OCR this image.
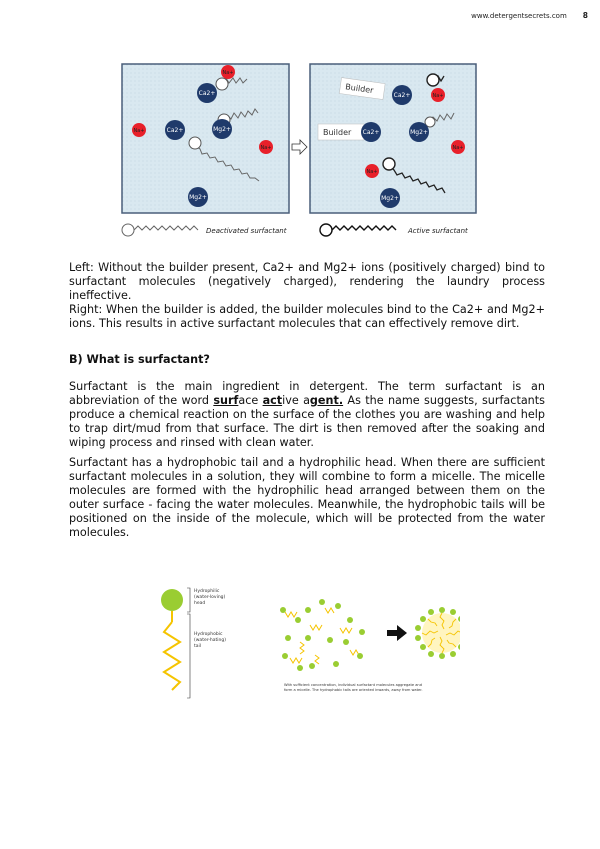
www.detergentsecrets.com 8
Ca2+
Mg2+
Ca2+
Mg2+
Na+
Na+
Na+
Builder
Builder
Ca2+
Ca2+	Mg2+
Mg2+
Na+
Na+
Na+
Deactivated surfactant	Active surfactant
Left: Without the builder present, Ca2+ and Mg2+ ions (positively charged) bind to surfactant molecules (negatively charged), rendering the laundry process ineffective.
Right: When the builder is added, the builder molecules bind to the Ca2+ and Mg2+ ions. This results in active surfactant molecules that can effectively remove dirt.
B) What is surfactant?
Surfactant is the main ingredient in detergent. The term surfactant is an abbreviation of the word surface active agent. As the name suggests, surfactants produce a chemical reaction on the surface of the clothes you are washing and help to trap dirt/mud from that surface. The dirt is then removed after the soaking and wiping process and rinsed with clean water.
Surfactant has a hydrophobic tail and a hydrophilic head. When there are sufficient surfactant molecules in a solution, they will combine to form a micelle. The micelle molecules are formed with the hydrophilic head arranged between them on the outer surface - facing the water molecules. Meanwhile, the hydrophobic tails will be positioned on the inside of the molecule, which will be protected from the water molecules.
Hydrophilic (water-loving) head
Hydrophobic (water-hating) tail
With sufficient concentration, individual surfactant molecules aggregate and form a micelle. The hydrophobic tails are oriented inwards, away from water.
